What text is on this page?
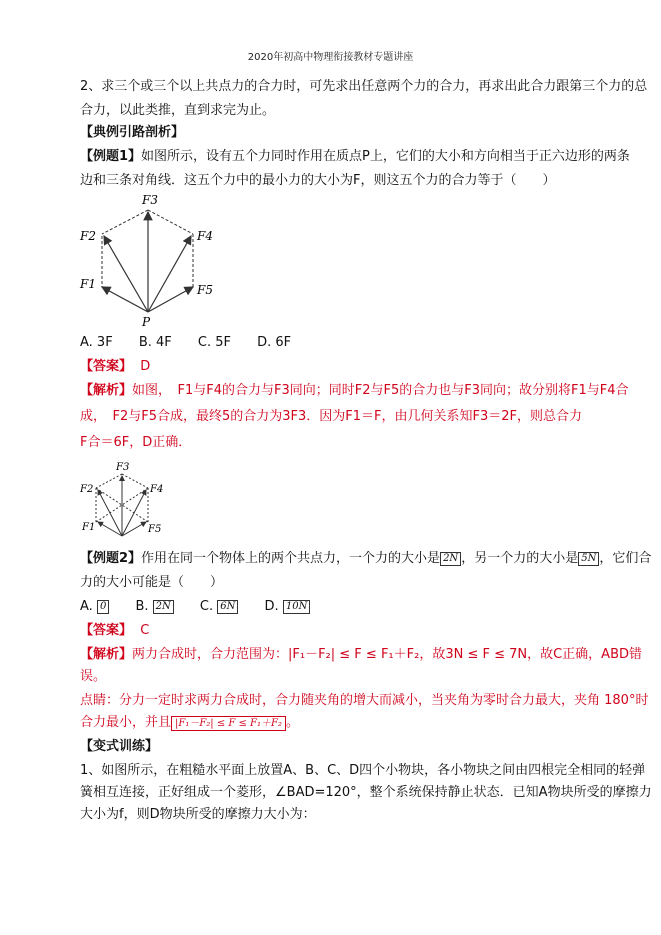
2020年初高中物理衔接教材专题讲座
2、求三个或三个以上共点力的合力时，可先求出任意两个力的合力，再求出此合力跟第三个力的总
合力，以此类推，直到求完为止。
【典例引路剖析】
【例题1】如图所示，设有五个力同时作用在质点P上，它们的大小和方向相当于正六边形的两条
边和三条对角线．这五个力中的最小力的大小为F，则这五个力的合力等于（　　）
F3
F2	F4
F1	F5
P
A. 3F B. 4F C. 5F D. 6F
【答案】 D
【解析】如图，　F1与F4的合力与F3同向；同时F2与F5的合力也与F3同向；故分别将F1与F4合
成，　F2与F5合成，最终5的合力为3F3．因为F1＝F，由几何关系知F3＝2F，则总合力
F合＝6F，D正确．
F3
F2	F4
F1	F5
【例题2】作用在同一个物体上的两个共点力，一个力的大小是 2N ，另一个力的大小是 5N ，它们合
力的大小可能是（　　）
A. 0 B. 2N C. 6N D. 10N
【答案】 C
【解析】两力合成时，合力范围为：|F₁－F₂| ≤ F ≤ F₁＋F₂，故3N ≤ F ≤ 7N，故C正确，ABD错
误。
点睛：分力一定时求两力合成时，合力随夹角的增大而减小，当夹角为零时合力最大，夹角 180°时
合力最小，并且 |F₁－F₂| ≤ F ≤ F₁＋F₂ 。
【变式训练】
1、如图所示，在粗糙水平面上放置A、B、C、D四个小物块，各小物块之间由四根完全相同的轻弹
簧相互连接，正好组成一个菱形，∠BAD=120°，整个系统保持静止状态．已知A物块所受的摩擦力
大小为f，则D物块所受的摩擦力大小为：
